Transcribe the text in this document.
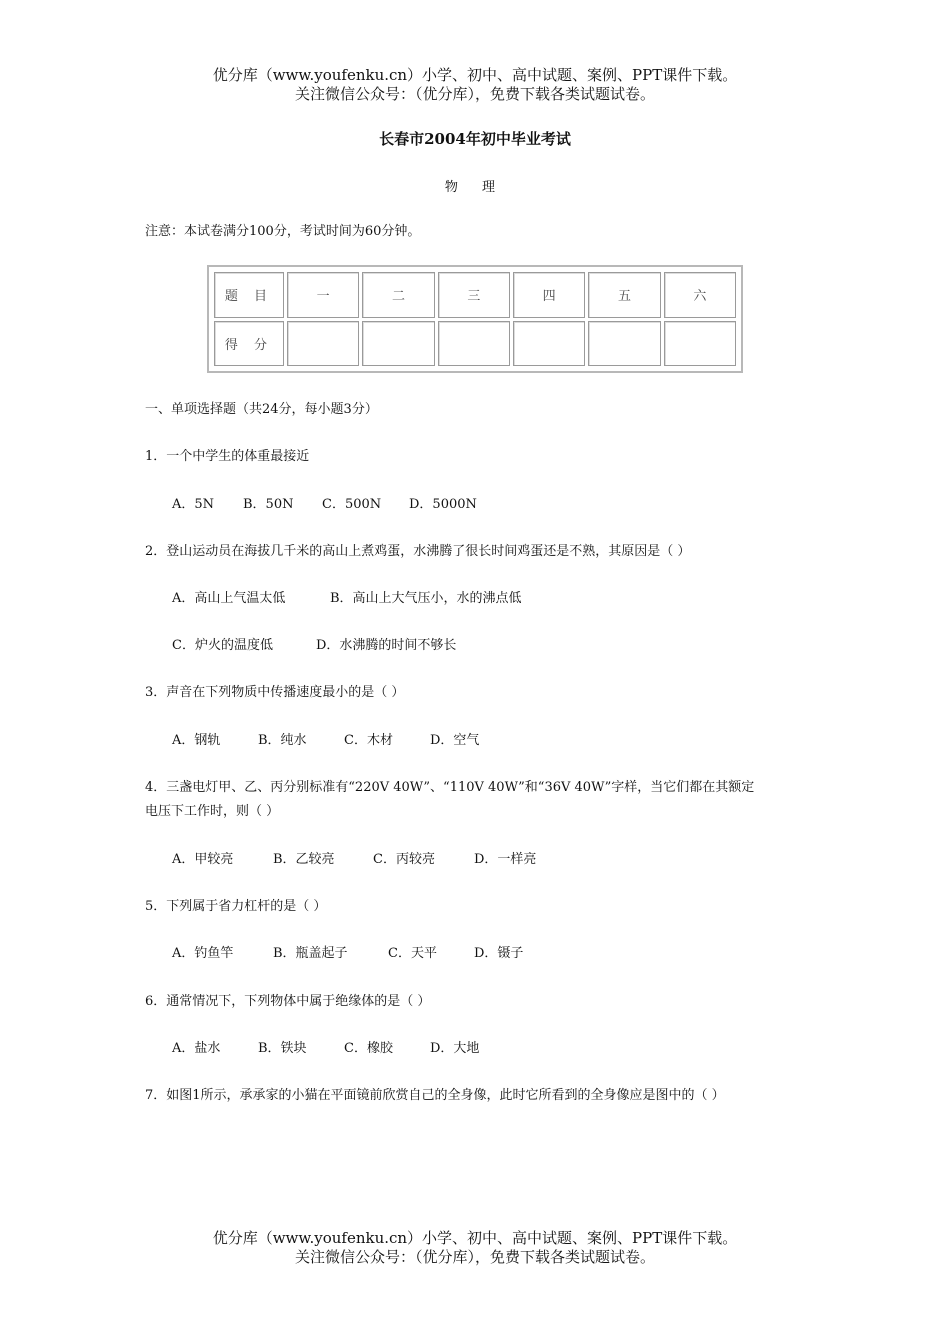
优分库（www.youfenku.cn）小学、初中、高中试题、案例、PPT课件下载。
关注微信公众号：（优分库），免费下载各类试题试卷。
长春市2004年初中毕业考试
物 理
注意：本试卷满分100分，考试时间为60分钟。
题 目	一	二	三	四	五	六
得 分						
一、单项选择题（共24分，每小题3分）
1．一个中学生的体重最接近
A．5N B．50N C．500N D．5000N
2．登山运动员在海拔几千米的高山上煮鸡蛋，水沸腾了很长时间鸡蛋还是不熟，其原因是（ ）
A．高山上气温太低	B．高山上大气压小，水的沸点低
C．炉火的温度低	D．水沸腾的时间不够长
3．声音在下列物质中传播速度最小的是（ ）
A．钢轨	B．纯水	C．木材	D．空气
4．三盏电灯甲、乙、丙分别标准有“220V 40W”、“110V 40W”和“36V 40W”字样，当它们都在其额定
电压下工作时，则（ ）
A．甲较亮	B．乙较亮	C．丙较亮	D．一样亮
5．下列属于省力杠杆的是（ ）
A．钓鱼竿	B．瓶盖起子	C．天平	D．镊子
6．通常情况下，下列物体中属于绝缘体的是（ ）
A．盐水	B．铁块	C．橡胶	D．大地
7．如图1所示，承承家的小猫在平面镜前欣赏自己的全身像，此时它所看到的全身像应是图中的（ ）
优分库（www.youfenku.cn）小学、初中、高中试题、案例、PPT课件下载。
关注微信公众号：（优分库），免费下载各类试题试卷。
